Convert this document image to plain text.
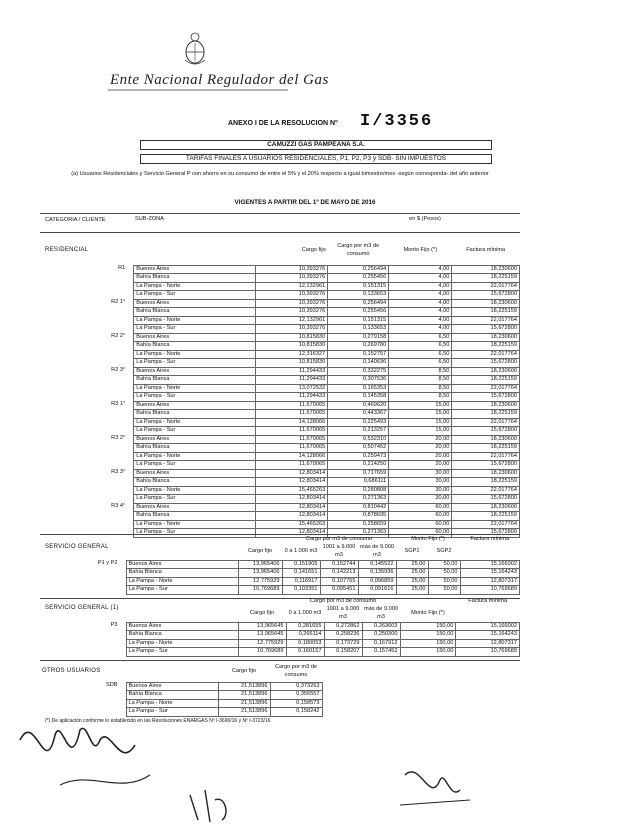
Ente Nacional Regulador del Gas
ANEXO I DE LA RESOLUCION Nº I/3356
CAMUZZI GAS PAMPEANA S.A.
TARIFAS FINALES A USUARIOS RESIDENCIALES, P1, P2, P3 y SDB- SIN IMPUESTOS
(a) Usuarios Residenciales y Servicio General P con ahorro en su consumo de entre el 5% y el 20% respecto a igual bimestre/mes -según corresponda- del año anterior
VIGENTES A PARTIR DEL 1º DE MAYO DE 2016
CATEGORIA / CLIENTE	SUB-ZONA	en $ (Pesos)
RESIDENCIAL
			Cargo fijo	Cargo por m3 de consumo	Monto Fijo (*)	Factura mínima
R1	Buenos Aires	10,393276	0,256494	4,00	18,230600
	Bahía Blanca	10,393276	0,255456	4,00	18,225159
	La Pampa - Norte	12,132961	0,151315	4,00	22,017764
	La Pampa - Sur	10,393276	0,133653	4,00	15,672800
R2 1°	Buenos Aires	10,393276	0,256494	4,00	18,230600
	Bahía Blanca	10,393276	0,255456	4,00	18,225159
	La Pampa - Norte	12,132961	0,151315	4,00	22,017764
	La Pampa - Sur	10,393276	0,133653	4,00	15,672800
R2 2°	Buenos Aires	10,815830	0,279158	6,50	18,230600
	Bahía Blanca	10,815830	0,269780	6,50	18,225159
	La Pampa - Norte	12,316327	0,152757	6,50	22,017764
	La Pampa - Sur	10,815830	0,140636	6,50	15,672800
R2 3°	Buenos Aires	11,294433	0,332275	8,50	18,230600
	Bahía Blanca	11,294433	0,307536	8,50	18,225159
	La Pampa - Norte	13,072532	0,165353	8,50	22,017764
	La Pampa - Sur	11,294433	0,145358	8,50	15,672800
R3 1°	Buenos Aires	11,670065	0,469620	15,00	18,230600
	Bahía Blanca	11,670065	0,443367	15,00	18,225159
	La Pampa - Norte	14,128066	0,225493	15,00	22,017764
	La Pampa - Sur	11,670065	0,213257	15,00	15,672800
R3 2°	Buenos Aires	11,670065	0,532310	20,00	18,230600
	Bahía Blanca	11,670065	0,507452	20,00	18,225159
	La Pampa - Norte	14,128066	0,259473	20,00	22,017764
	La Pampa - Sur	11,670065	0,214250	20,00	15,672800
R3 3°	Buenos Aires	12,803414	0,717659	30,00	18,230600
	Bahía Blanca	12,803414	0,686111	30,00	18,225159
	La Pampa - Norte	15,465263	0,280808	30,00	22,017764
	La Pampa - Sur	12,803414	0,271363	30,00	15,672800
R3 4°	Buenos Aires	12,803414	0,810442	60,00	18,230600
	Bahía Blanca	12,803414	0,878695	60,00	18,225159
	La Pampa - Norte	15,465263	0,258659	60,00	22,017764
	La Pampa - Sur	12,803414	0,271363	60,00	15,672800
SERVICIO GENERAL
			Cargo por m3 de consumo			Monto Fijo (*)		Factura mínima
		Cargo fijo	0 a 1.000 m3	1001 a 9.000 m3	más de 9.000 m3	SGP1	SGP2	
P1 y P2	Buenos Aires	13,965406	0,151905	0,152744	0,145522	25,00	50,00	15,166002
	Bahía Blanca	13,965406	0,141651	0,142213	0,135936	25,00	50,00	15,164243
	La Pampa - Norte	12,775929	0,116917	0,107765	0,096859	25,00	50,00	12,807317
	La Pampa - Sur	10,769689	0,103351	0,095451	0,091616	25,00	50,00	10,769689
SERVICIO GENERAL (1)
			Cargo por m3 de consumo				Factura mínima
		Cargo fijo	0 a 1.000 m3	1001 a 9.000 m3	más de 9.000 m3	Monto Fijo (*)	
P3	Buenos Aires	13,965645	0,281655	0,272862	0,263603	150,00	15,166002
	Bahía Blanca	13,965645	0,266114	0,258236	0,250300	150,00	15,164243
	La Pampa - Norte	12,775929	0,180053	0,173729	0,167912	150,00	12,807317
	La Pampa - Sur	10,769689	0,160157	0,158207	0,157452	150,00	10,769689
OTROS USUARIOS		Cargo fijo	Cargo por m3 de consumo
SDB	Buenos Aires	21,513896	0,373263
	Bahía Blanca	21,513896	0,356557
	La Pampa - Norte	21,513896	0,158573
	La Pampa - Sur	21,513896	0,158242
(*) De aplicación conforme lo establecido en las Resoluciones ENARGAS Nº I-3690/16 y Nº I-3723/16
